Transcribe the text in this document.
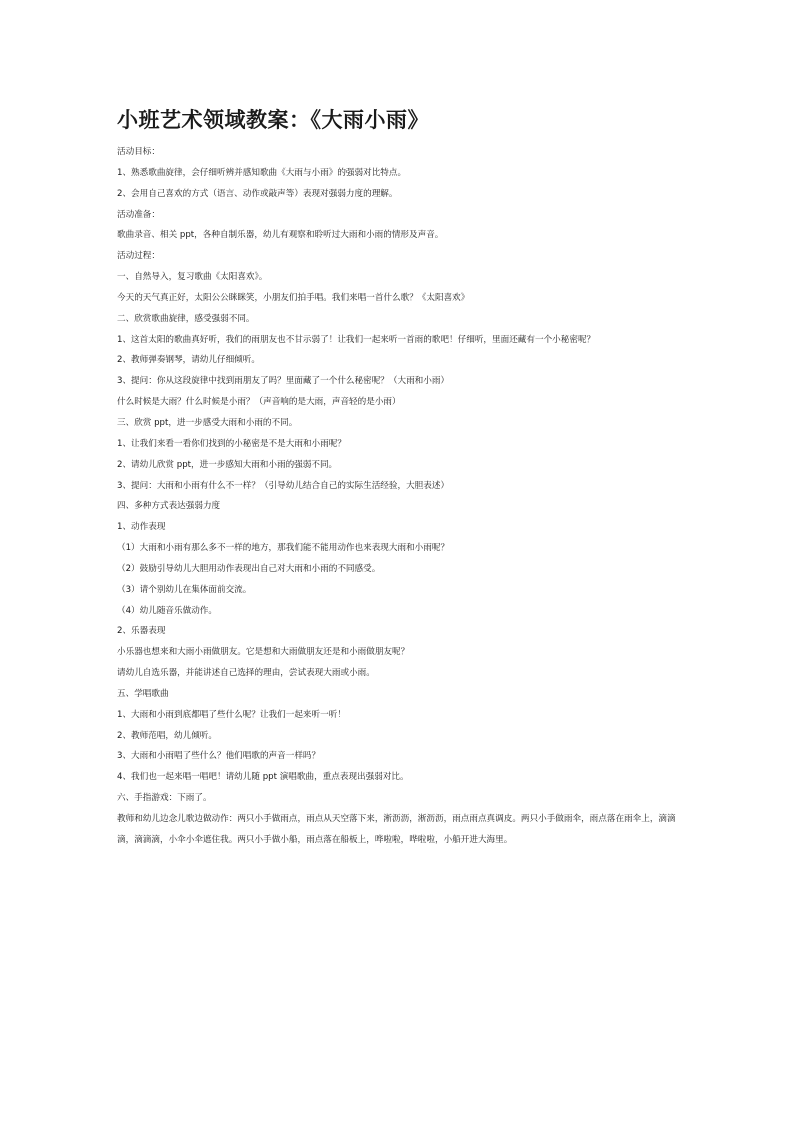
小班艺术领域教案：《大雨小雨》

活动目标：

1、熟悉歌曲旋律，会仔细听辨并感知歌曲《大雨与小雨》的强弱对比特点。

2、会用自己喜欢的方式（语言、动作或敲声等）表现对强弱力度的理解。

活动准备：

歌曲录音、相关 ppt，各种自制乐器，幼儿有观察和聆听过大雨和小雨的情形及声音。

活动过程：

一、自然导入，复习歌曲《太阳喜欢》。

今天的天气真正好，太阳公公眯眯笑，小朋友们拍手唱。我们来唱一首什么歌？《太阳喜欢》

二、欣赏歌曲旋律，感受强弱不同。

1、这首太阳的歌曲真好听，我们的雨朋友也不甘示弱了！让我们一起来听一首雨的歌吧！仔细听，里面还藏有一个小秘密呢？

2、教师弹奏钢琴，请幼儿仔细倾听。

3、提问：你从这段旋律中找到雨朋友了吗？里面藏了一个什么秘密呢？（大雨和小雨）

什么时候是大雨？什么时候是小雨？（声音响的是大雨，声音轻的是小雨）

三、欣赏 ppt，进一步感受大雨和小雨的不同。

1、让我们来看一看你们找到的小秘密是不是大雨和小雨呢？

2、请幼儿欣赏 ppt，进一步感知大雨和小雨的强弱不同。

3、提问：大雨和小雨有什么不一样？（引导幼儿结合自己的实际生活经验，大胆表述）

四、多种方式表达强弱力度

1、动作表现

（1）大雨和小雨有那么多不一样的地方，那我们能不能用动作也来表现大雨和小雨呢？

（2）鼓励引导幼儿大胆用动作表现出自己对大雨和小雨的不同感受。

（3）请个别幼儿在集体面前交流。

（4）幼儿随音乐做动作。

2、乐器表现

小乐器也想来和大雨小雨做朋友。它是想和大雨做朋友还是和小雨做朋友呢？

请幼儿自选乐器，并能讲述自己选择的理由，尝试表现大雨或小雨。

五、学唱歌曲

1、大雨和小雨到底都唱了些什么呢？让我们一起来听一听！

2、教师范唱，幼儿倾听。

3、大雨和小雨唱了些什么？他们唱歌的声音一样吗？

4、我们也一起来唱一唱吧！请幼儿随 ppt 演唱歌曲，重点表现出强弱对比。

六、手指游戏：下雨了。

教师和幼儿边念儿歌边做动作：两只小手做雨点，雨点从天空落下来，淅沥沥，淅沥沥，雨点雨点真调皮。两只小手做雨伞，雨点落在雨伞上，滴滴滴，滴滴滴，小伞小伞遮住我。两只小手做小船，雨点落在船板上，哗啦啦，哗啦啦，小船开进大海里。
